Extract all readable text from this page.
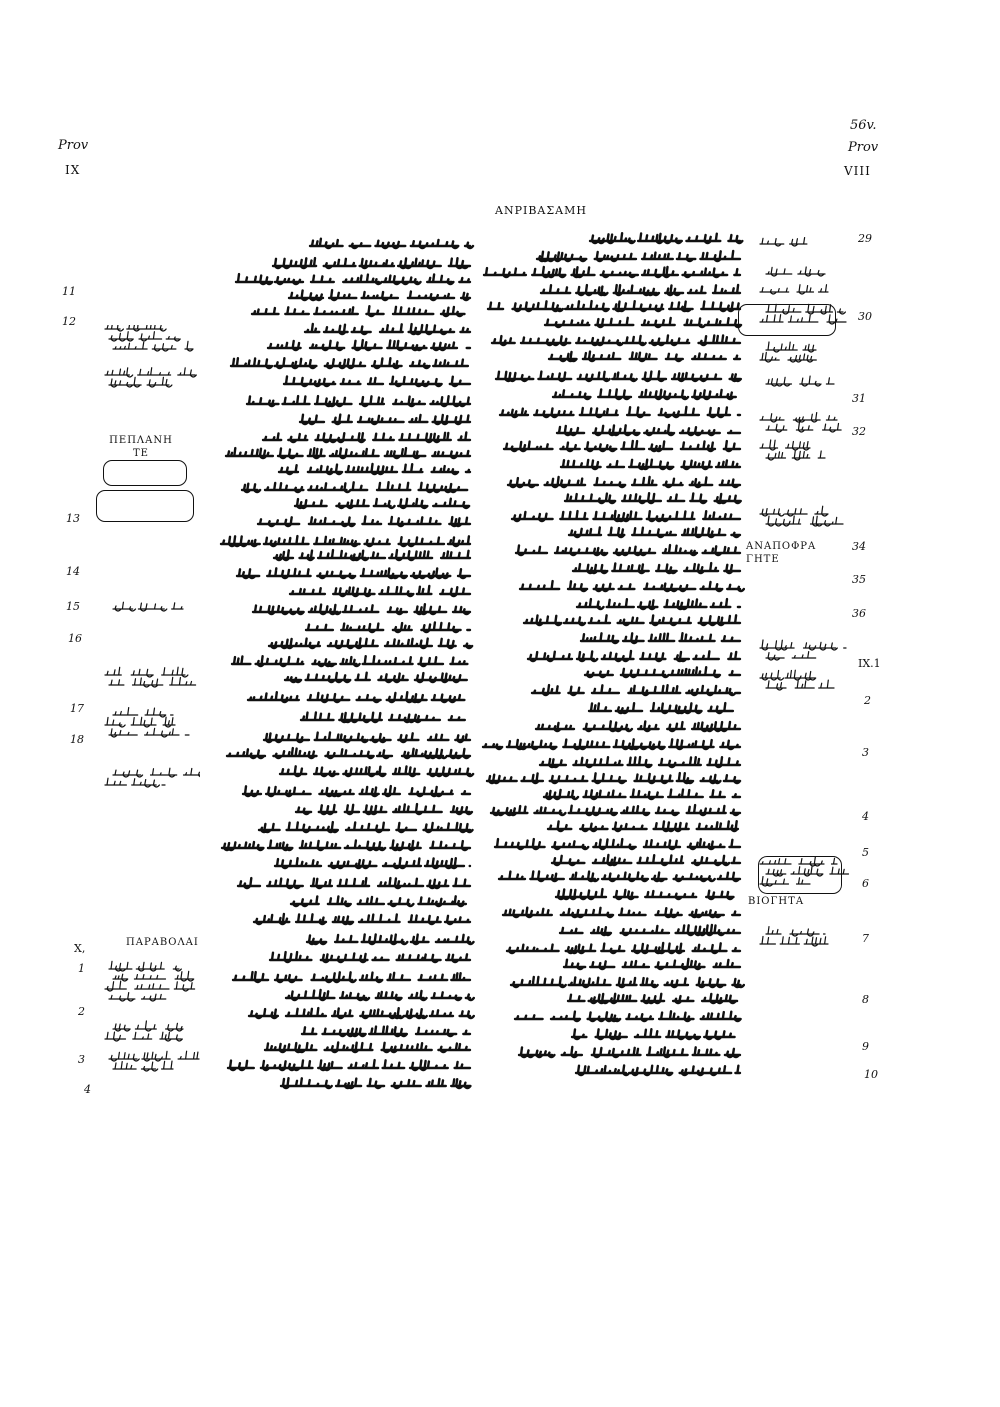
Prov
IX
56v.
Prov
VIII
ΑΝΡΙΒΑΣΑΜΗ
11
12
13
14
15
16
17
18
X,
1
2
3
4
29
30
31
32
34
35
36
IX.1
2
3
4
5
6
7
8
9
10
ΠΕΠΛΑΝΗ ΤΕ
ΠΑΡΑΒΟΛΑΙ
ΑΝΑΠΟΦΡΑ ΓΗΤΕ
ΒΙΟΓΗΤΑ
